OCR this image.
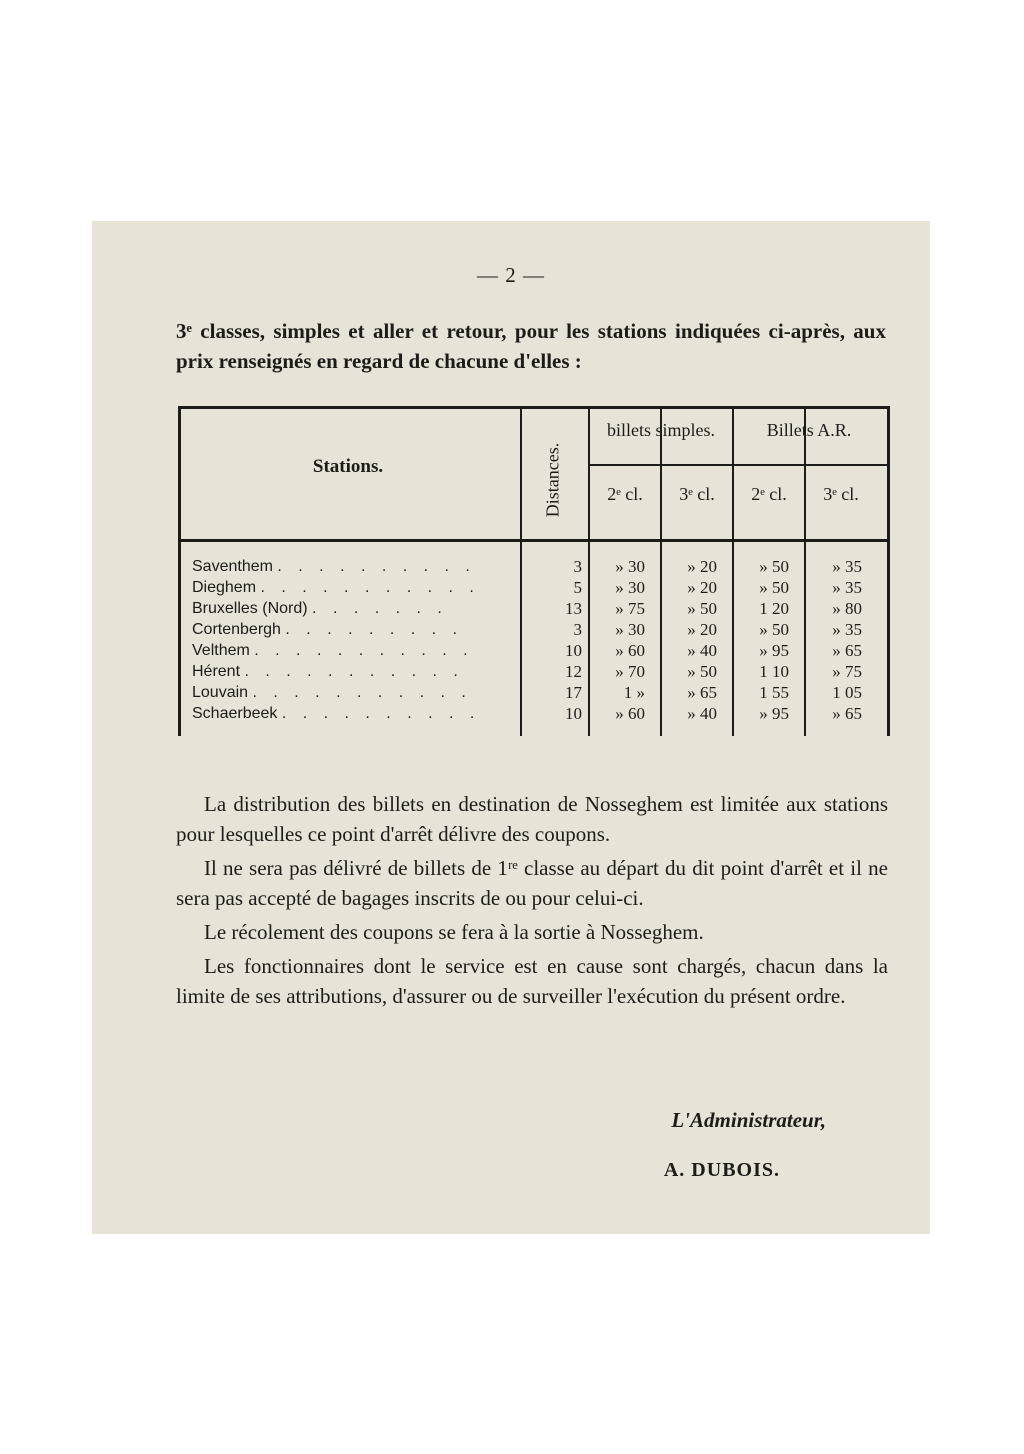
— 2 —
3ᵉ classes, simples et aller et retour, pour les stations indiquées ci-après, aux prix renseignés en regard de chacune d'elles :
Stations.	Distances.
billets simples.	Billets A.R.
2ᵉ cl.	3ᵉ cl.	2ᵉ cl.	3ᵉ cl.
Saventhem . . . . . . . . . .	3	» 30	» 20	» 50	» 35
Dieghem . . . . . . . . . . .	5	» 30	» 20	» 50	» 35
Bruxelles (Nord) . . . . . . .	13	» 75	» 50	1 20	» 80
Cortenbergh . . . . . . . . .	3	» 30	» 20	» 50	» 35
Velthem . . . . . . . . . . .	10	» 60	» 40	» 95	» 65
Hérent . . . . . . . . . . .	12	» 70	» 50	1 10	» 75
Louvain . . . . . . . . . . .	17	1 »	» 65	1 55	1 05
Schaerbeek . . . . . . . . . .	10	» 60	» 40	» 95	» 65

La distribution des billets en destination de Nosseghem est limitée aux stations pour lesquelles ce point d'arrêt délivre des coupons.

Il ne sera pas délivré de billets de 1ʳᵉ classe au départ du dit point d'arrêt et il ne sera pas accepté de bagages inscrits de ou pour celui-ci.

Le récolement des coupons se fera à la sortie à Nosseghem.

Les fonctionnaires dont le service est en cause sont chargés, chacun dans la limite de ses attributions, d'assurer ou de surveiller l'exécution du présent ordre.

L'Administrateur,
A. DUBOIS.
